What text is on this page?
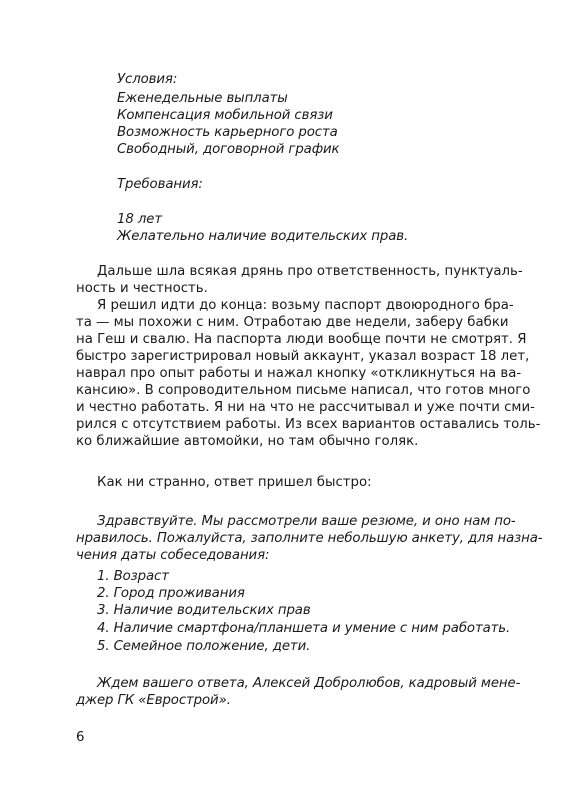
Условия:
Еженедельные выплаты
Компенсация мобильной связи
Возможность карьерного роста
Свободный, договорной график
Требования:
18 лет
Желательно наличие водительских прав.
Дальше шла всякая дрянь про ответственность, пунктуаль-
ность и честность.
Я решил идти до конца: возьму паспорт двоюродного бра-
та — мы похожи с ним. Отработаю две недели, заберу бабки
на Геш и свалю. На паспорта люди вообще почти не смотрят. Я
быстро зарегистрировал новый аккаунт, указал возраст 18 лет,
наврал про опыт работы и нажал кнопку «откликнуться на ва-
кансию». В сопроводительном письме написал, что готов много
и честно работать. Я ни на что не рассчитывал и уже почти сми-
рился с отсутствием работы. Из всех вариантов оставались толь-
ко ближайшие автомойки, но там обычно голяк.
Как ни странно, ответ пришел быстро:
Здравствуйте. Мы рассмотрели ваше резюме, и оно нам по-
нравилось. Пожалуйста, заполните небольшую анкету, для назна-
чения даты собеседования:
1. Возраст
2. Город проживания
3. Наличие водительских прав
4. Наличие смартфона/планшета и умение с ним работать.
5. Семейное положение, дети.
Ждем вашего ответа, Алексей Добролюбов, кадровый мене-
джер ГК «Еврострой».
6
